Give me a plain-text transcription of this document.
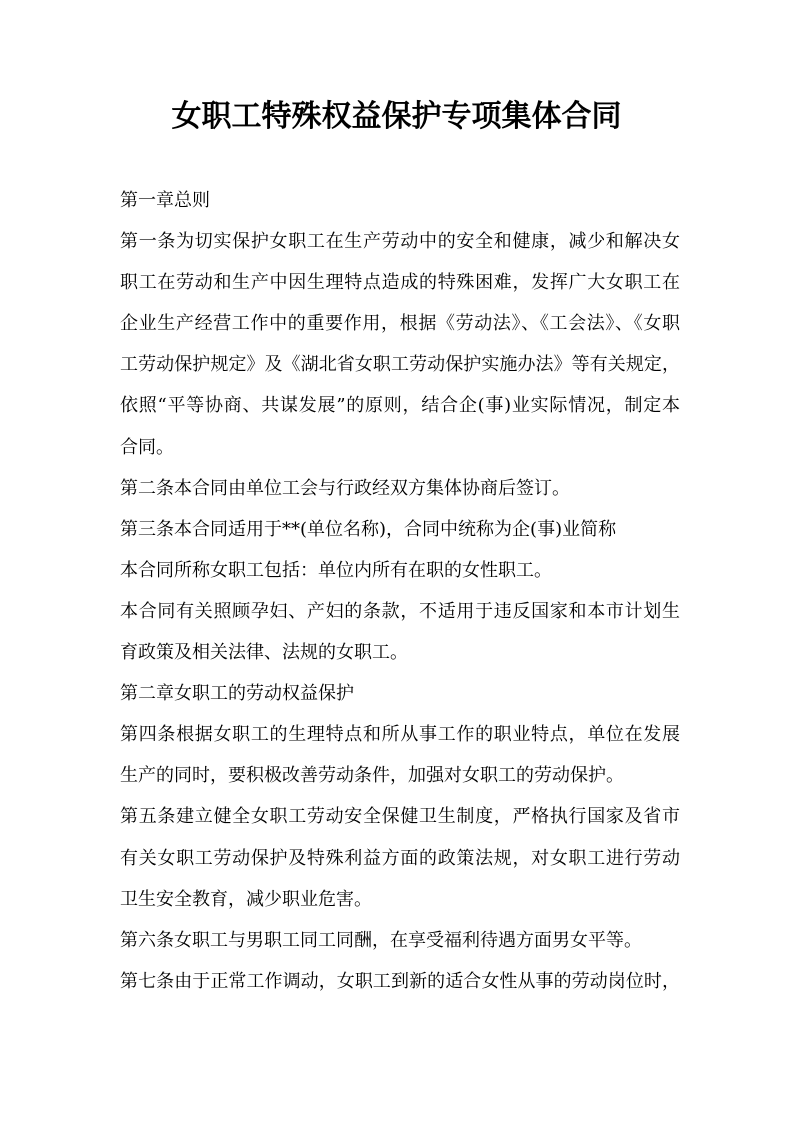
女职工特殊权益保护专项集体合同
第一章总则
第一条为切实保护女职工在生产劳动中的安全和健康，减少和解决女
职工在劳动和生产中因生理特点造成的特殊困难，发挥广大女职工在
企业生产经营工作中的重要作用，根据《劳动法》、《工会法》、《女职
工劳动保护规定》及《湖北省女职工劳动保护实施办法》等有关规定，
依照“平等协商、共谋发展”的原则，结合企(事)业实际情况，制定本
合同。
第二条本合同由单位工会与行政经双方集体协商后签订。
第三条本合同适用于**(单位名称)，合同中统称为企(事)业简称
本合同所称女职工包括：单位内所有在职的女性职工。
本合同有关照顾孕妇、产妇的条款，不适用于违反国家和本市计划生
育政策及相关法律、法规的女职工。
第二章女职工的劳动权益保护
第四条根据女职工的生理特点和所从事工作的职业特点，单位在发展
生产的同时，要积极改善劳动条件，加强对女职工的劳动保护。
第五条建立健全女职工劳动安全保健卫生制度，严格执行国家及省市
有关女职工劳动保护及特殊利益方面的政策法规，对女职工进行劳动
卫生安全教育，减少职业危害。
第六条女职工与男职工同工同酬，在享受福利待遇方面男女平等。
第七条由于正常工作调动，女职工到新的适合女性从事的劳动岗位时，
